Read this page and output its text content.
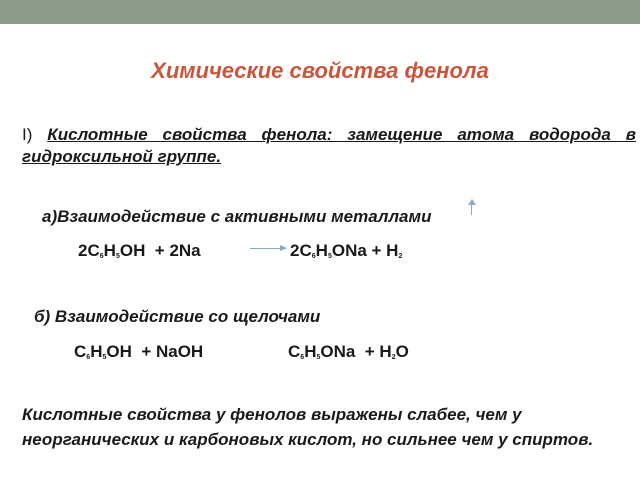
Химические свойства фенола
I) Кислотные свойства фенола: замещение атома водорода в гидроксильной группе.
а)Взаимодействие с активными металлами
$2C_6H_5OH + 2Na$	→ $2C_6H_5ONa + H_2$
б) Взаимодействие со щелочами
$C_6H_5OH$  + NaOH	$C_6H_5ONa + H_2O$
Кислотные свойства у фенолов выражены слабее, чем у неорганических и карбоновых кислот, но сильнее чем у спиртов.
